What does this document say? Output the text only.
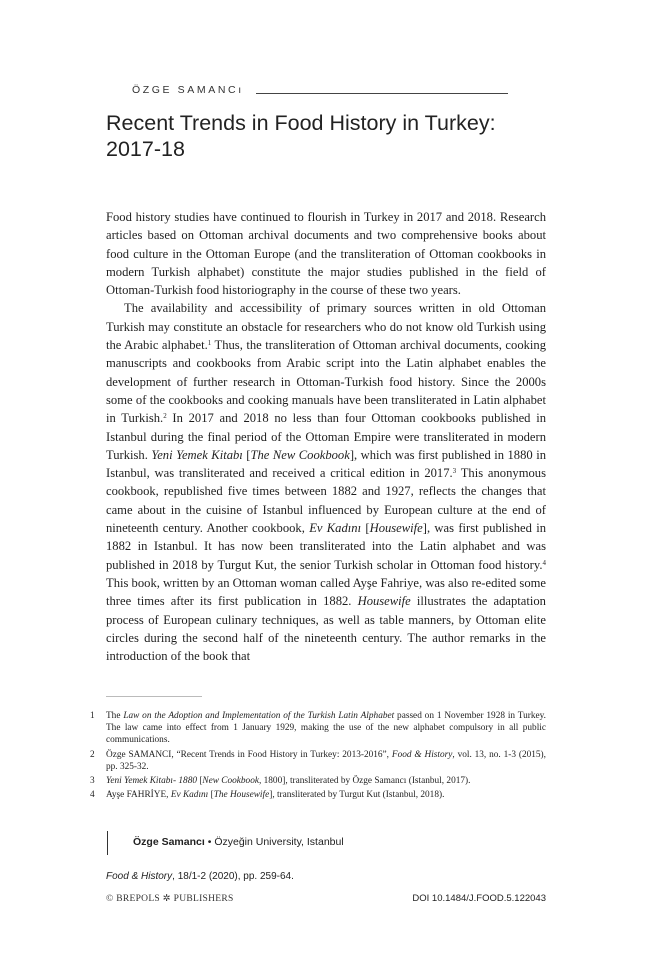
ÖZGE SAMANCı
Recent Trends in Food History in Turkey: 2017-18

Food history studies have continued to flourish in Turkey in 2017 and 2018. Research articles based on Ottoman archival documents and two comprehensive books about food culture in the Ottoman Europe (and the transliteration of Ottoman cookbooks in modern Turkish alphabet) constitute the major studies published in the field of Ottoman-Turkish food historiography in the course of these two years.

The availability and accessibility of primary sources written in old Ottoman Turkish may constitute an obstacle for researchers who do not know old Turkish using the Arabic alphabet.$^1$ Thus, the transliteration of Ottoman archival documents, cooking manuscripts and cookbooks from Arabic script into the Latin alphabet enables the development of further research in Ottoman-Turkish food history. Since the 2000s some of the cookbooks and cooking manuals have been transliterated in Latin alphabet in Turkish.$^2$ In 2017 and 2018 no less than four Ottoman cookbooks published in Istanbul during the final period of the Ottoman Empire were transliterated in modern Turkish. Yeni Yemek Kitabı [The New Cookbook], which was first published in 1880 in Istanbul, was transliterated and received a critical edition in 2017.$^3$ This anonymous cookbook, republished five times between 1882 and 1927, reflects the changes that came about in the cuisine of Istanbul influenced by European culture at the end of nineteenth century. Another cookbook, Ev Kadını [Housewife], was first published in 1882 in Istanbul. It has now been transliterated into the Latin alphabet and was published in 2018 by Turgut Kut, the senior Turkish scholar in Ottoman food history.$^4$ This book, written by an Ottoman woman called Ayşe Fahriye, was also re-edited some three times after its first publication in 1882. Housewife illustrates the adaptation process of European culinary techniques, as well as table manners, by Ottoman elite circles during the second half of the nineteenth century. The author remarks in the introduction of the book that

1	The Law on the Adoption and Implementation of the Turkish Latin Alphabet passed on 1 November 1928 in Turkey. The law came into effect from 1 January 1929, making the use of the new alphabet compulsory in all public communications.
2	Özge SAMANCI, “Recent Trends in Food History in Turkey: 2013-2016”, Food & History, vol. 13, no. 1-3 (2015), pp. 325-32.
3	Yeni Yemek Kitabı- 1880 [New Cookbook, 1800], transliterated by Özge Samancı (Istanbul, 2017).
4	Ayşe FAHRİYE, Ev Kadını [The Housewife], transliterated by Turgut Kut (Istanbul, 2018).
Özge Samancı • Özyeğin University, Istanbul
Food & History, 18/1-2 (2020), pp. 259-64.
© BREPOLS ✲ PUBLISHERS	DOI 10.1484/J.FOOD.5.122043
